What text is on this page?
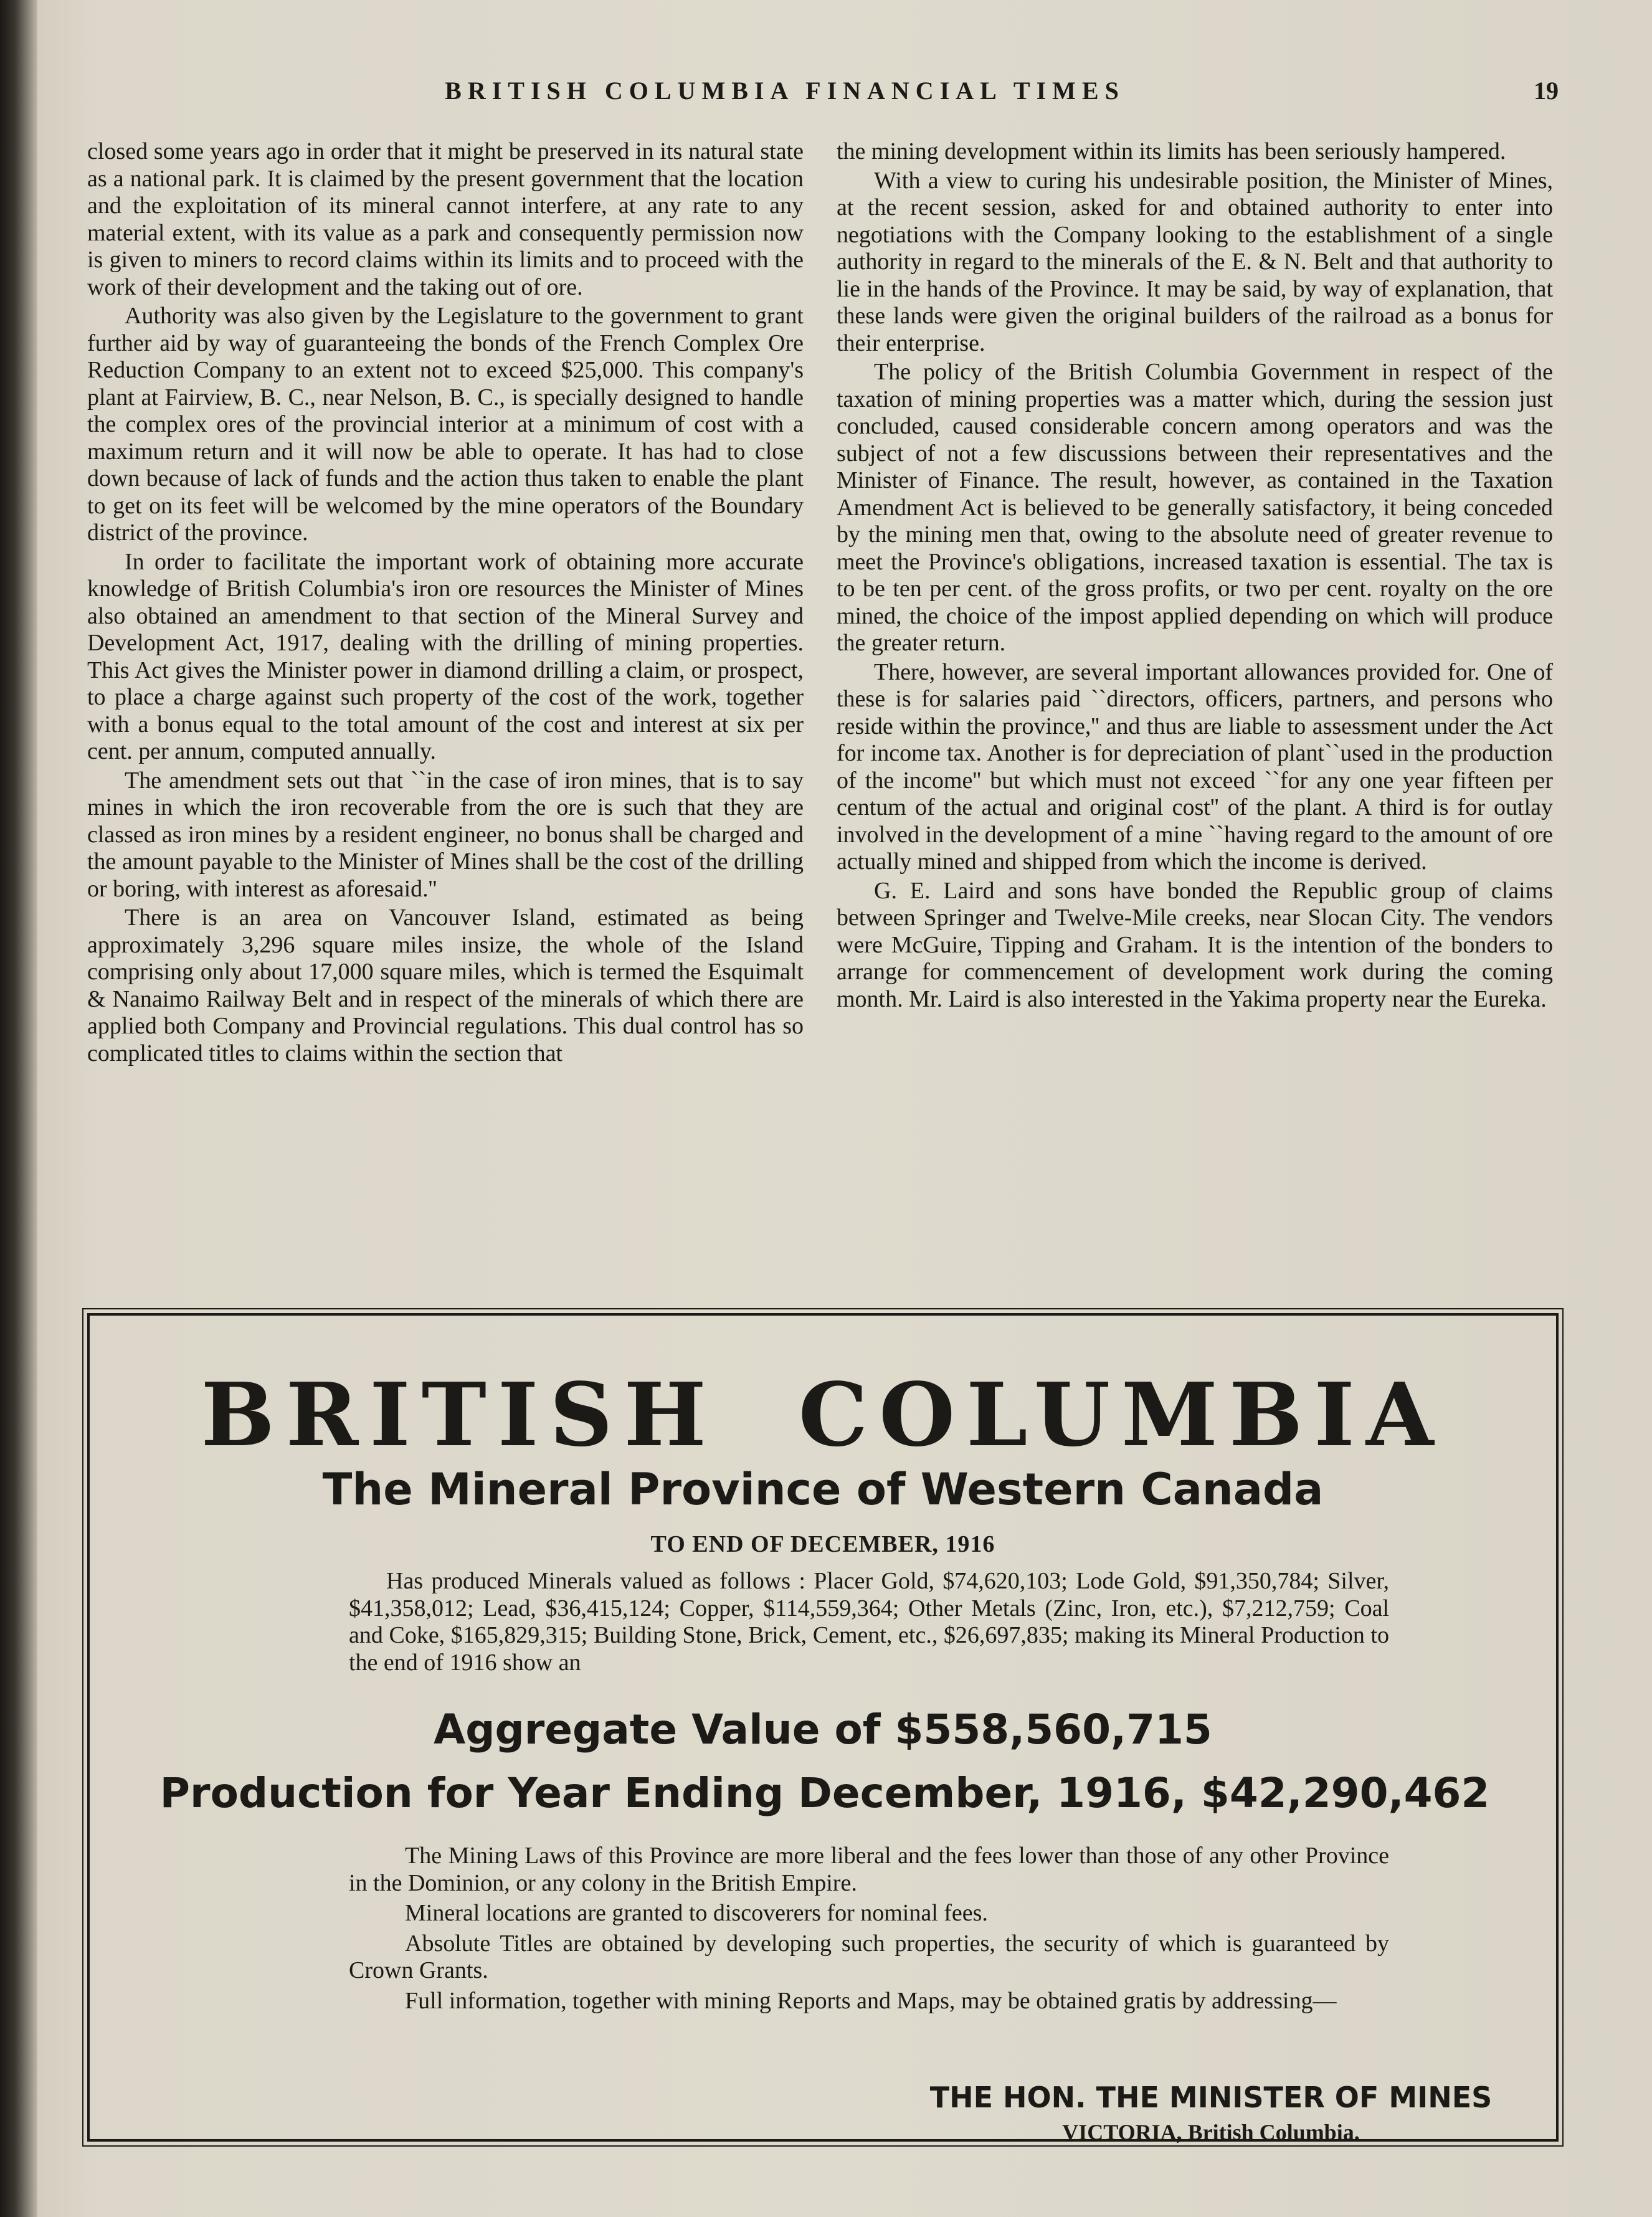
BRITISH COLUMBIA FINANCIAL TIMES	19

closed some years ago in order that it might be preserved in its natural state as a national park. It is claimed by the present government that the location and the exploitation of its mineral cannot interfere, at any rate to any material extent, with its value as a park and consequently permission now is given to miners to record claims within its limits and to proceed with the work of their development and the taking out of ore.

Authority was also given by the Legislature to the government to grant further aid by way of guaranteeing the bonds of the French Complex Ore Reduction Company to an extent not to exceed $25,000. This company's plant at Fairview, B. C., near Nelson, B. C., is specially designed to handle the complex ores of the provincial interior at a minimum of cost with a maximum return and it will now be able to operate. It has had to close down because of lack of funds and the action thus taken to enable the plant to get on its feet will be welcomed by the mine operators of the Boundary district of the province.

In order to facilitate the important work of obtaining more accurate knowledge of British Columbia's iron ore resources the Minister of Mines also obtained an amendment to that section of the Mineral Survey and Development Act, 1917, dealing with the drilling of mining properties. This Act gives the Minister power in diamond drilling a claim, or prospect, to place a charge against such property of the cost of the work, together with a bonus equal to the total amount of the cost and interest at six per cent. per annum, computed annually.

The amendment sets out that ``in the case of iron mines, that is to say mines in which the iron recoverable from the ore is such that they are classed as iron mines by a resident engineer, no bonus shall be charged and the amount payable to the Minister of Mines shall be the cost of the drilling or boring, with interest as aforesaid.''

There is an area on Vancouver Island, estimated as being approximately 3,296 square miles insize, the whole of the Island comprising only about 17,000 square miles, which is termed the Esquimalt & Nanaimo Railway Belt and in respect of the minerals of which there are applied both Company and Provincial regulations. This dual control has so complicated titles to claims within the section that

the mining development within its limits has been seriously hampered.

With a view to curing his undesirable position, the Minister of Mines, at the recent session, asked for and obtained authority to enter into negotiations with the Company looking to the establishment of a single authority in regard to the minerals of the E. & N. Belt and that authority to lie in the hands of the Province. It may be said, by way of explanation, that these lands were given the original builders of the railroad as a bonus for their enterprise.

The policy of the British Columbia Government in respect of the taxation of mining properties was a matter which, during the session just concluded, caused considerable concern among operators and was the subject of not a few discussions between their representatives and the Minister of Finance. The result, however, as contained in the Taxation Amendment Act is believed to be generally satisfactory, it being conceded by the mining men that, owing to the absolute need of greater revenue to meet the Province's obligations, increased taxation is essential. The tax is to be ten per cent. of the gross profits, or two per cent. royalty on the ore mined, the choice of the impost applied depending on which will produce the greater return.

There, however, are several important allowances provided for. One of these is for salaries paid ``directors, officers, partners, and persons who reside within the province,'' and thus are liable to assessment under the Act for income tax. Another is for depreciation of plant``used in the production of the income'' but which must not exceed ``for any one year fifteen per centum of the actual and original cost'' of the plant. A third is for outlay involved in the development of a mine ``having regard to the amount of ore actually mined and shipped from which the income is derived.

G. E. Laird and sons have bonded the Republic group of claims between Springer and Twelve-Mile creeks, near Slocan City. The vendors were McGuire, Tipping and Graham. It is the intention of the bonders to arrange for commencement of development work during the coming month. Mr. Laird is also interested in the Yakima property near the Eureka.

BRITISH COLUMBIA
The Mineral Province of Western Canada
TO END OF DECEMBER, 1916
Has produced Minerals valued as follows : Placer Gold, $74,620,103; Lode Gold, $91,350,784; Silver, $41,358,012; Lead, $36,415,124; Copper, $114,559,364; Other Metals (Zinc, Iron, etc.), $7,212,759; Coal and Coke, $165,829,315; Building Stone, Brick, Cement, etc., $26,697,835; making its Mineral Production to the end of 1916 show an
Aggregate Value of $558,560,715
Production for Year Ending December, 1916, $42,290,462

The Mining Laws of this Province are more liberal and the fees lower than those of any other Province in the Dominion, or any colony in the British Empire.

Mineral locations are granted to discoverers for nominal fees.

Absolute Titles are obtained by developing such properties, the security of which is guaranteed by Crown Grants.

Full information, together with mining Reports and Maps, may be obtained gratis by addressing—

THE HON. THE MINISTER OF MINES
VICTORIA, British Columbia.
